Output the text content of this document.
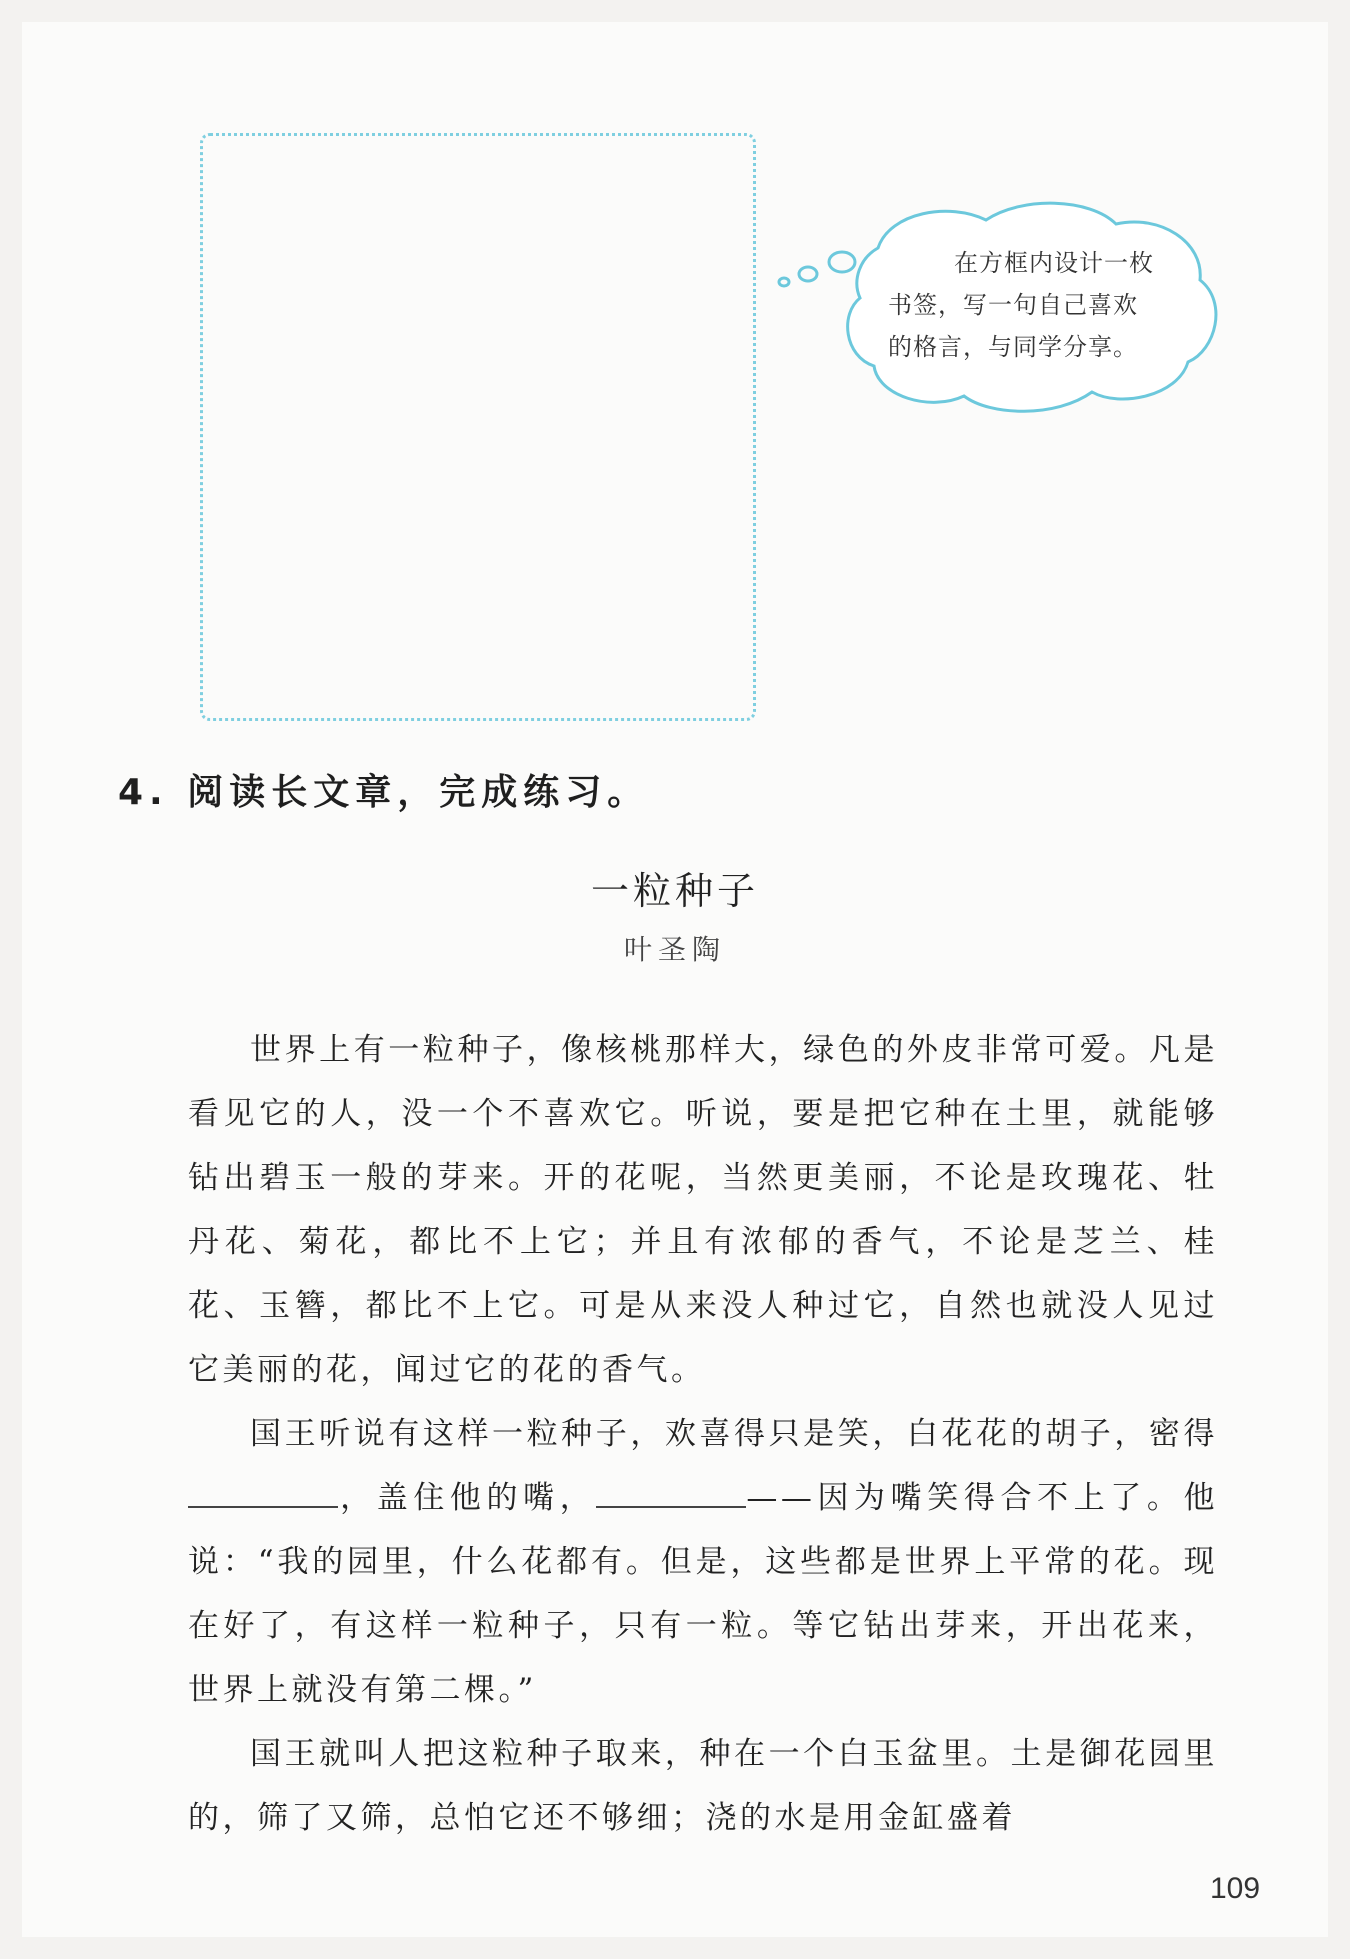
在方框内设计一枚
书签，写一句自己喜欢
的格言，与同学分享。
4. 阅读长文章，完成练习。
一粒种子
叶圣陶

世界上有一粒种子，像核桃那样大，绿色的外皮非常可爱。凡是看见它的人，没一个不喜欢它。听说，要是把它种在土里，就能够钻出碧玉一般的芽来。开的花呢，当然更美丽，不论是玫瑰花、牡丹花、菊花，都比不上它；并且有浓郁的香气，不论是芝兰、桂花、玉簪，都比不上它。可是从来没人种过它，自然也就没人见过它美丽的花，闻过它的花的香气。

国王听说有这样一粒种子，欢喜得只是笑，白花花的胡子，密得，盖住他的嘴，	——因为嘴笑得合不上了。他说：“我的园里，什么花都有。但是，这些都是世界上平常的花。现在好了，有这样一粒种子，只有一粒。等它钻出芽来，开出花来，世界上就没有第二棵。”

国王就叫人把这粒种子取来，种在一个白玉盆里。土是御花园里的，筛了又筛，总怕它还不够细；浇的水是用金缸盛着

109
